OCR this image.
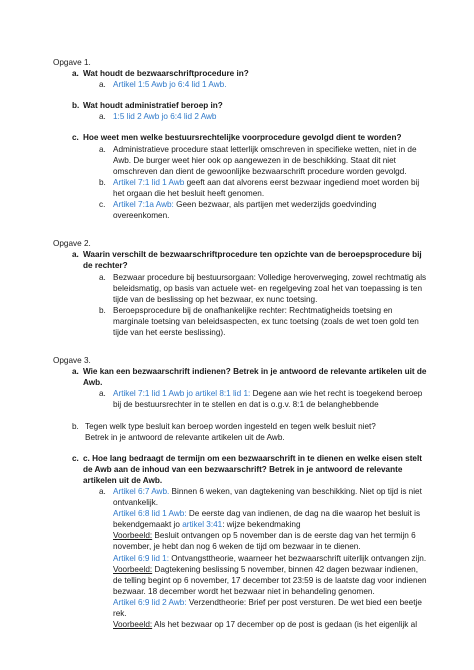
Opgave 1.

a. Wat houdt de bezwaarschriftprocedure in?

a. Artikel 1:5 Awb jo 6:4 lid 1 Awb.

b. Wat houdt administratief beroep in?

a. 1:5 lid 2 Awb jo 6:4 lid 2 Awb

c. Hoe weet men welke bestuursrechtelijke voorprocedure gevolgd dient te worden?

a. Administratieve procedure staat letterlijk omschreven in specifieke wetten, niet in de Awb. De burger weet hier ook op aangewezen in de beschikking. Staat dit niet omschreven dan dient de gewoonlijke bezwaarschrift procedure worden gevolgd.

b. Artikel 7:1 lid 1 Awb geeft aan dat alvorens eerst bezwaar ingediend moet worden bij het orgaan die het besluit heeft genomen.

c. Artikel 7:1a Awb: Geen bezwaar, als partijen met wederzijds goedvinding overeenkomen.

Opgave 2.

a. Waarin verschilt de bezwaarschriftprocedure ten opzichte van de beroepsprocedure bij de rechter?

a. Bezwaar procedure bij bestuursorgaan: Volledige heroverweging, zowel rechtmatig als beleidsmatig, op basis van actuele wet- en regelgeving zoal het van toepassing is ten tijde van de beslissing op het bezwaar, ex nunc toetsing.

b. Beroepsprocedure bij de onafhankelijke rechter: Rechtmatigheids toetsing en marginale toetsing van beleidsaspecten, ex tunc toetsing (zoals de wet toen gold ten tijde van het eerste beslissing).

Opgave 3.

a. Wie kan een bezwaarschrift indienen? Betrek in je antwoord de relevante artikelen uit de Awb.

a. Artikel 7:1 lid 1 Awb jo artikel 8:1 lid 1: Degene aan wie het recht is toegekend beroep bij de bestuursrechter in te stellen en dat is o.g.v. 8:1 de belanghebbende

b. Tegen welk type besluit kan beroep worden ingesteld en tegen welk besluit niet?

Betrek in je antwoord de relevante artikelen uit de Awb.

c. c. Hoe lang bedraagt de termijn om een bezwaarschrift in te dienen en welke eisen stelt de Awb aan de inhoud van een bezwaarschrift? Betrek in je antwoord de relevante artikelen uit de Awb.

a. Artikel 6:7 Awb. Binnen 6 weken, van dagtekening van beschikking. Niet op tijd is niet ontvankelijk.
Artikel 6:8 lid 1 Awb: De eerste dag van indienen, de dag na die waarop het besluit is bekendgemaakt jo artikel 3:41: wijze bekendmaking
Voorbeeld: Besluit ontvangen op 5 november dan is de eerste dag van het termijn 6 november, je hebt dan nog 6 weken de tijd om bezwaar in te dienen.
Artikel 6:9 lid 1: Ontvangsttheorie, waarneer het bezwaarschrift uiterlijk ontvangen zijn.
Voorbeeld: Dagtekening beslissing 5 november, binnen 42 dagen bezwaar indienen, de telling begint op 6 november, 17 december tot 23:59 is de laatste dag voor indienen bezwaar. 18 december wordt het bezwaar niet in behandeling genomen.
Artikel 6:9 lid 2 Awb: Verzendtheorie: Brief per post versturen. De wet bied een beetje rek.
Voorbeeld: Als het bezwaar op 17 december op de post is gedaan (is het eigenlijk al
